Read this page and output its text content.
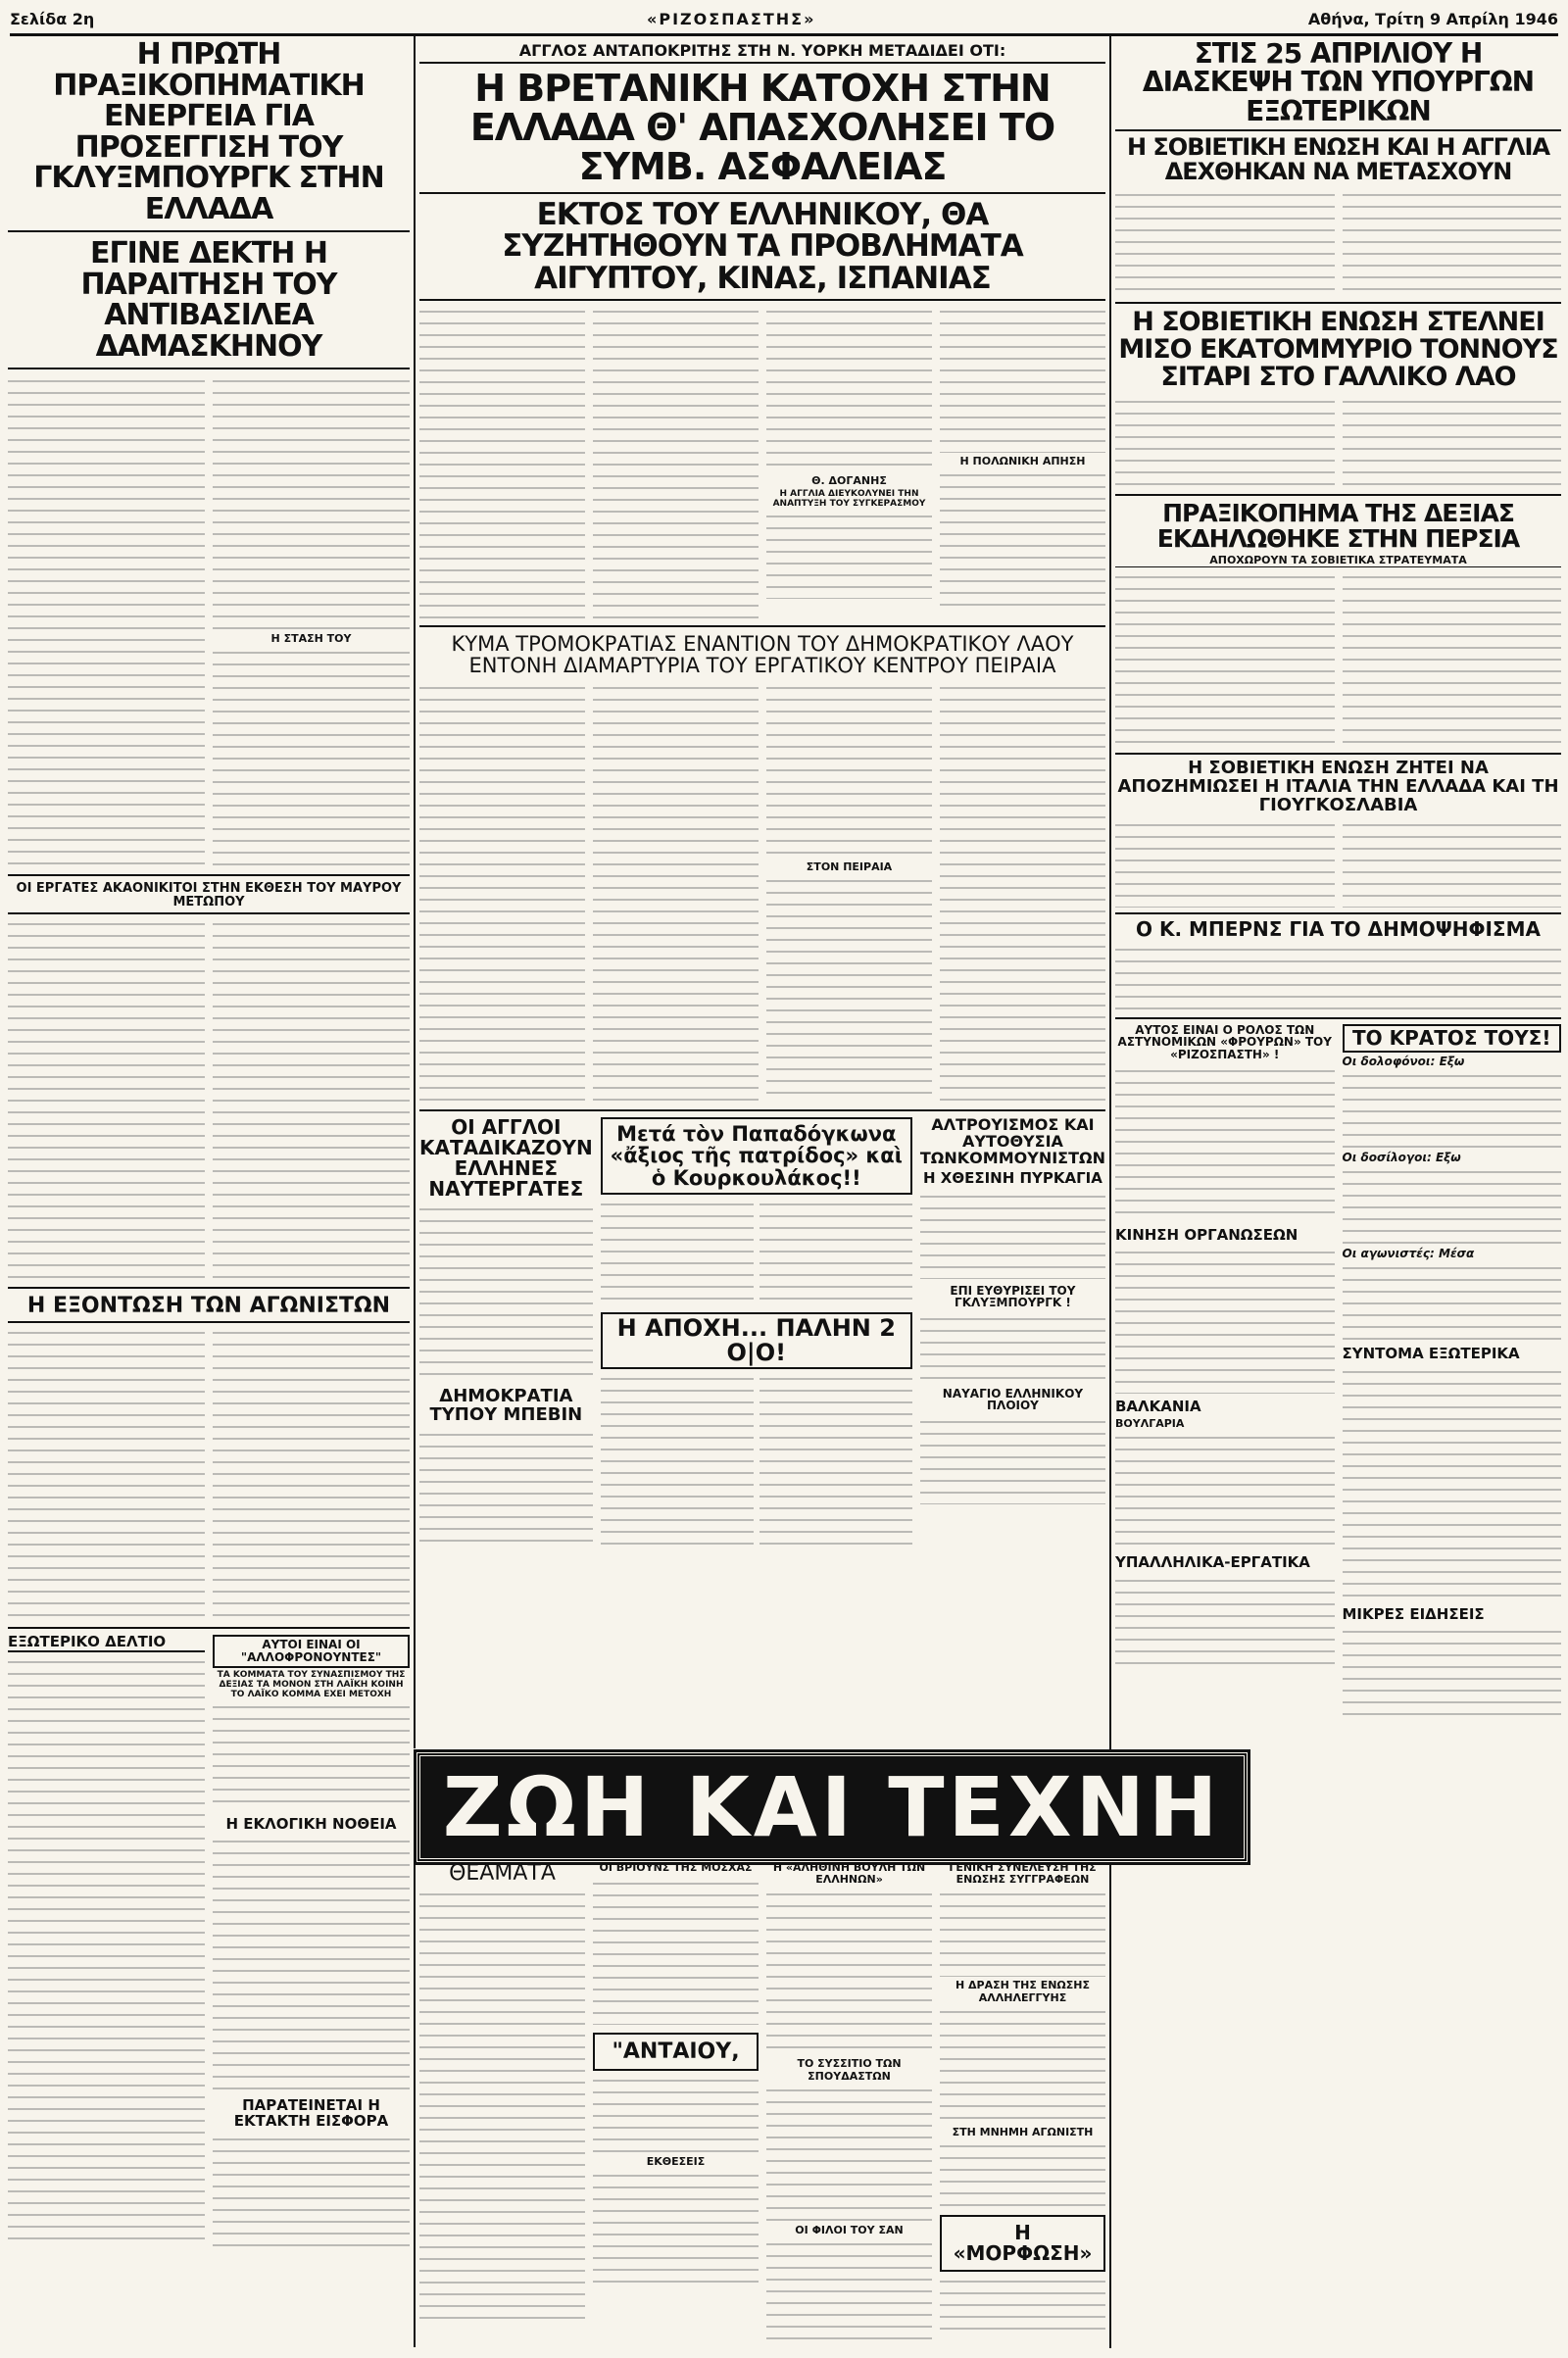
Σελίδα 2η	«ΡΙΖΟΣΠΑΣΤΗΣ»	Αθήνα, Τρίτη 9 Απρίλη 1946

Η ΠΡΩΤΗ ΠΡΑΞΙΚΟΠΗΜΑΤΙΚΗ ΕΝΕΡΓΕΙΑ ΓΙΑ ΠΡΟΣΕΓΓΙΣΗ ΤΟΥ ΓΚΛΥΞΜΠΟΥΡΓΚ ΣΤΗΝ ΕΛΛΑΔΑ

ΕΓΙΝΕ ΔΕΚΤΗ Η ΠΑΡΑΙΤΗΣΗ ΤΟΥ ΑΝΤΙΒΑΣΙΛΕΑ ΔΑΜΑΣΚΗΝΟΥ

Η ΣΤΑΣΗ ΤΟΥ

ΟΙ ΕΡΓΑΤΕΣ ΑΚΑΟΝΙΚΙΤΟΙ ΣΤΗΝ ΕΚΘΕΣΗ ΤΟΥ ΜΑΥΡΟΥ ΜΕΤΩΠΟΥ

Η ΕΞΟΝΤΩΣΗ ΤΩΝ ΑΓΩΝΙΣΤΩΝ

ΕΞΩΤΕΡΙΚΟ ΔΕΛΤΙΟ	ΑΥΤΟΙ ΕΙΝΑΙ ΟΙ "ΑΛΛΟΦΡΟΝΟΥΝΤΕΣ"

ΤΑ ΚΟΜΜΑΤΑ ΤΟΥ ΣΥΝΑΣΠΙΣΜΟΥ ΤΗΣ ΔΕΞΙΑΣ ΤΑ ΜΟΝΟΝ ΣΤΗ ΛΑΪΚΗ ΚΟΙΝΗ ΤΟ ΛΑΪΚΟ ΚΟΜΜΑ ΕΧΕΙ ΜΕΤΟΧΗ

Η ΕΚΛΟΓΙΚΗ ΝΟΘΕΙΑ

ΠΑΡΑΤΕΙΝΕΤΑΙ Η ΕΚΤΑΚΤΗ ΕΙΣΦΟΡΑ

ΑΓΓΛΟΣ ΑΝΤΑΠΟΚΡΙΤΗΣ ΣΤΗ Ν. ΥΟΡΚΗ ΜΕΤΑΔΙΔΕΙ ΟΤΙ:

Η ΒΡΕΤΑΝΙΚΗ ΚΑΤΟΧΗ ΣΤΗΝ ΕΛΛΑΔΑ Θ' ΑΠΑΣΧΟΛΗΣΕΙ ΤΟ ΣΥΜΒ. ΑΣΦΑΛΕΙΑΣ

ΕΚΤΟΣ ΤΟΥ ΕΛΛΗΝΙΚΟΥ, ΘΑ ΣΥΖΗΤΗΘΟΥΝ ΤΑ ΠΡΟΒΛΗΜΑΤΑ ΑΙΓΥΠΤΟΥ, ΚΙΝΑΣ, ΙΣΠΑΝΙΑΣ

Θ. ΔΟΓΑΝΗΣ

Η ΑΓΓΛΙΑ ΔΙΕΥΚΟΛΥΝΕΙ ΤΗΝ ΑΝΑΠΤΥΞΗ ΤΟΥ ΣΥΓΚΕΡΑΣΜΟΥ

Η ΠΟΛΩΝΙΚΗ ΑΠΗΣΗ

ΚΥΜΑ ΤΡΟΜΟΚΡΑΤΙΑΣ ΕΝΑΝΤΙΟΝ ΤΟΥ ΔΗΜΟΚΡΑΤΙΚΟΥ ΛΑΟΥ

ΕΝΤΟΝΗ ΔΙΑΜΑΡΤΥΡΙΑ ΤΟΥ ΕΡΓΑΤΙΚΟΥ ΚΕΝΤΡΟΥ ΠΕΙΡΑΙΑ

ΣΤΟΝ ΠΕΙΡΑΙΑ

ΟΙ ΑΓΓΛΟΙ ΚΑΤΑΔΙΚΑΖΟΥΝ ΕΛΛΗΝΕΣ ΝΑΥΤΕΡΓΑΤΕΣ

ΔΗΜΟΚΡΑΤΙΑ ΤΥΠΟΥ ΜΠΕΒΙΝ

Μετά τὸν Παπαδόγκωνα «ἄξιος τῆς πατρίδος» καὶ ὁ Κουρκουλάκος!!

Η ΑΠΟΧΗ... ΠΑΛΗΝ 2 Ο|Ο!

ΑΛΤΡΟΥΙΣΜΟΣ ΚΑΙ ΑΥΤΟΘΥΣΙΑ ΤΩΝΚΟΜΜΟΥΝΙΣΤΩΝ

Η ΧΘΕΣΙΝΗ ΠΥΡΚΑΓΙΑ

ΕΠΙ ΕΥΘΥΡΙΣΕΙ ΤΟΥ ΓΚΛΥΞΜΠΟΥΡΓΚ !

ΝΑΥΑΓΙΟ ΕΛΛΗΝΙΚΟΥ ΠΛΟΙΟΥ

ΖΩΗ ΚΑΙ ΤΕΧΝΗ

ΘΕΑΜΑΤΑ	ΟΙ ΒΡΙΟΥΝΣ ΤΗΣ ΜΟΣΧΑΣ

"ΑΝΤΑΙΟΥ,

ΕΚΘΕΣΕΙΣ

Η «ΑΛΗΘΙΝΗ ΒΟΥΛΗ ΤΩΝ ΕΛΛΗΝΩΝ»

ΤΟ ΣΥΣΣΙΤΙΟ ΤΩΝ ΣΠΟΥΔΑΣΤΩΝ

ΟΙ ΦΙΛΟΙ ΤΟΥ ΣΑΝ

ΓΕΝΙΚΗ ΣΥΝΕΛΕΥΣΗ ΤΗΣ ΕΝΩΣΗΣ ΣΥΓΓΡΑΦΕΩΝ

Η ΔΡΑΣΗ ΤΗΣ ΕΝΩΣΗΣ ΑΛΛΗΛΕΓΓΥΗΣ

ΣΤΗ ΜΝΗΜΗ ΑΓΩΝΙΣΤΗ

Η «ΜΟΡΦΩΣΗ»

ΣΤΙΣ 25 ΑΠΡΙΛΙΟΥ Η ΔΙΑΣΚΕΨΗ ΤΩΝ ΥΠΟΥΡΓΩΝ ΕΞΩΤΕΡΙΚΩΝ

Η ΣΟΒΙΕΤΙΚΗ ΕΝΩΣΗ ΚΑΙ Η ΑΓΓΛΙΑ ΔΕΧΘΗΚΑΝ ΝΑ ΜΕΤΑΣΧΟΥΝ

Η ΣΟΒΙΕΤΙΚΗ ΕΝΩΣΗ ΣΤΕΛΝΕΙ ΜΙΣΟ ΕΚΑΤΟΜΜΥΡΙΟ ΤΟΝΝΟΥΣ ΣΙΤΑΡΙ ΣΤΟ ΓΑΛΛΙΚΟ ΛΑΟ

ΠΡΑΞΙΚΟΠΗΜΑ ΤΗΣ ΔΕΞΙΑΣ ΕΚΔΗΛΩΘΗΚΕ ΣΤΗΝ ΠΕΡΣΙΑ

ΑΠΟΧΩΡΟΥΝ ΤΑ ΣΟΒΙΕΤΙΚΑ ΣΤΡΑΤΕΥΜΑΤΑ

Η ΣΟΒΙΕΤΙΚΗ ΕΝΩΣΗ ΖΗΤΕΙ ΝΑ ΑΠΟΖΗΜΙΩΣΕΙ Η ΙΤΑΛΙΑ ΤΗΝ ΕΛΛΑΔΑ ΚΑΙ ΤΗ ΓΙΟΥΓΚΟΣΛΑΒΙΑ

Ο Κ. ΜΠΕΡΝΣ ΓΙΑ ΤΟ ΔΗΜΟΨΗΦΙΣΜΑ

ΑΥΤΟΣ ΕΙΝΑΙ Ο ΡΟΛΟΣ ΤΩΝ ΑΣΤΥΝΟΜΙΚΩΝ «ΦΡΟΥΡΩΝ» ΤΟΥ «ΡΙΖΟΣΠΑΣΤΗ» !

ΚΙΝΗΣΗ ΟΡΓΑΝΩΣΕΩΝ

ΒΑΛΚΑΝΙΑ

ΒΟΥΛΓΑΡΙΑ

ΥΠΑΛΛΗΛΙΚΑ-ΕΡΓΑΤΙΚΑ

ΤΟ ΚΡΑΤΟΣ ΤΟΥΣ!

Οι δολοφόνοι: Εξω

Οι δοσίλογοι: Εξω

Οι αγωνιστές: Μέσα

ΣΥΝΤΟΜΑ ΕΞΩΤΕΡΙΚΑ

ΜΙΚΡΕΣ ΕΙΔΗΣΕΙΣ
